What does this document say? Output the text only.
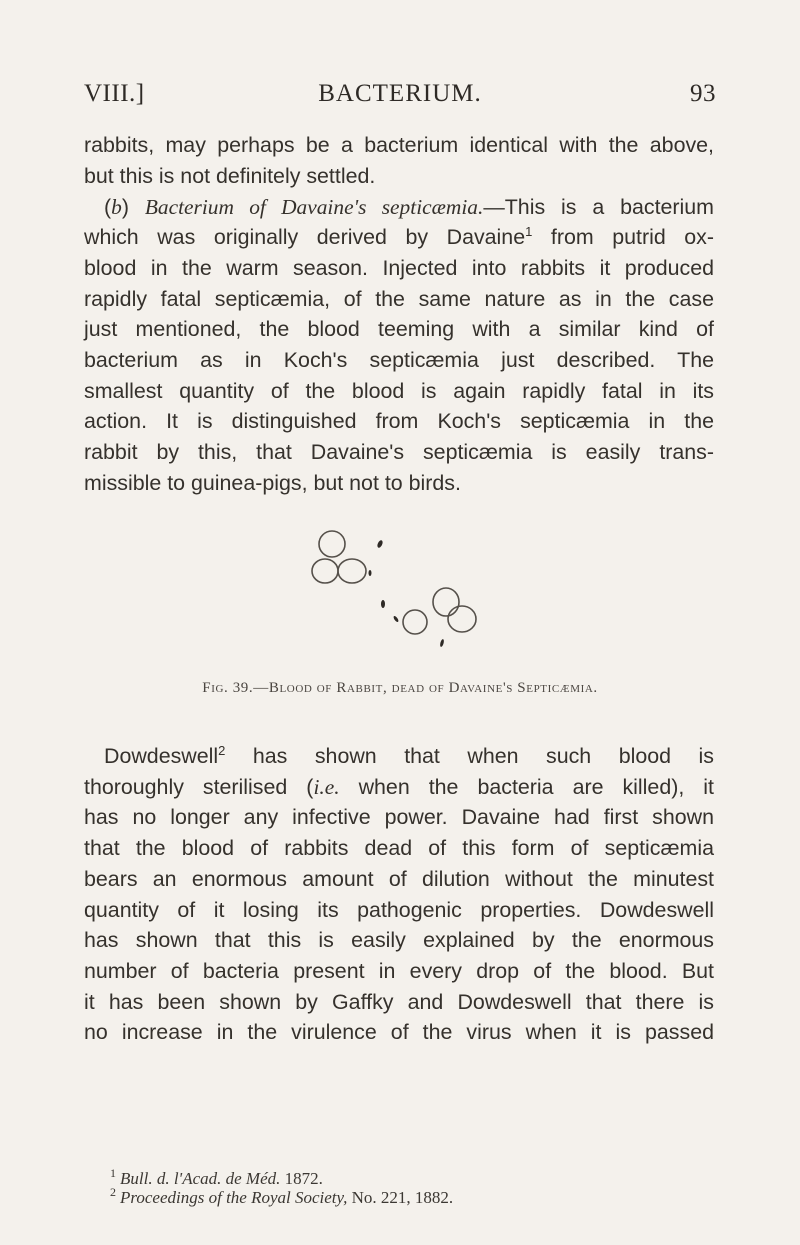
VIII.]	BACTERIUM.	93
rabbits, may perhaps be a bacterium identical with the above,
but this is not definitely settled.
(b) Bacterium of Davaine's septicæmia.—This is a bacterium
which was originally derived by Davaine$^1$ from putrid ox-
blood in the warm season. Injected into rabbits it produced
rapidly fatal septicæmia, of the same nature as in the case
just mentioned, the blood teeming with a similar kind of
bacterium as in Koch's septicæmia just described. The
smallest quantity of the blood is again rapidly fatal in its
action. It is distinguished from Koch's septicæmia in the
rabbit by this, that Davaine's septicæmia is easily trans-
missible to guinea-pigs, but not to birds.
Fig. 39.—Blood of Rabbit, dead of Davaine's Septicæmia.
Dowdeswell$^2$ has shown that when such blood is
thoroughly sterilised (i.e. when the bacteria are killed), it
has no longer any infective power. Davaine had first shown
that the blood of rabbits dead of this form of septicæmia
bears an enormous amount of dilution without the minutest
quantity of it losing its pathogenic properties. Dowdeswell
has shown that this is easily explained by the enormous
number of bacteria present in every drop of the blood. But
it has been shown by Gaffky and Dowdeswell that there is
no increase in the virulence of the virus when it is passed
$^1$ Bull. d. l'Acad. de Méd. 1872.
$^2$ Proceedings of the Royal Society, No. 221, 1882.
